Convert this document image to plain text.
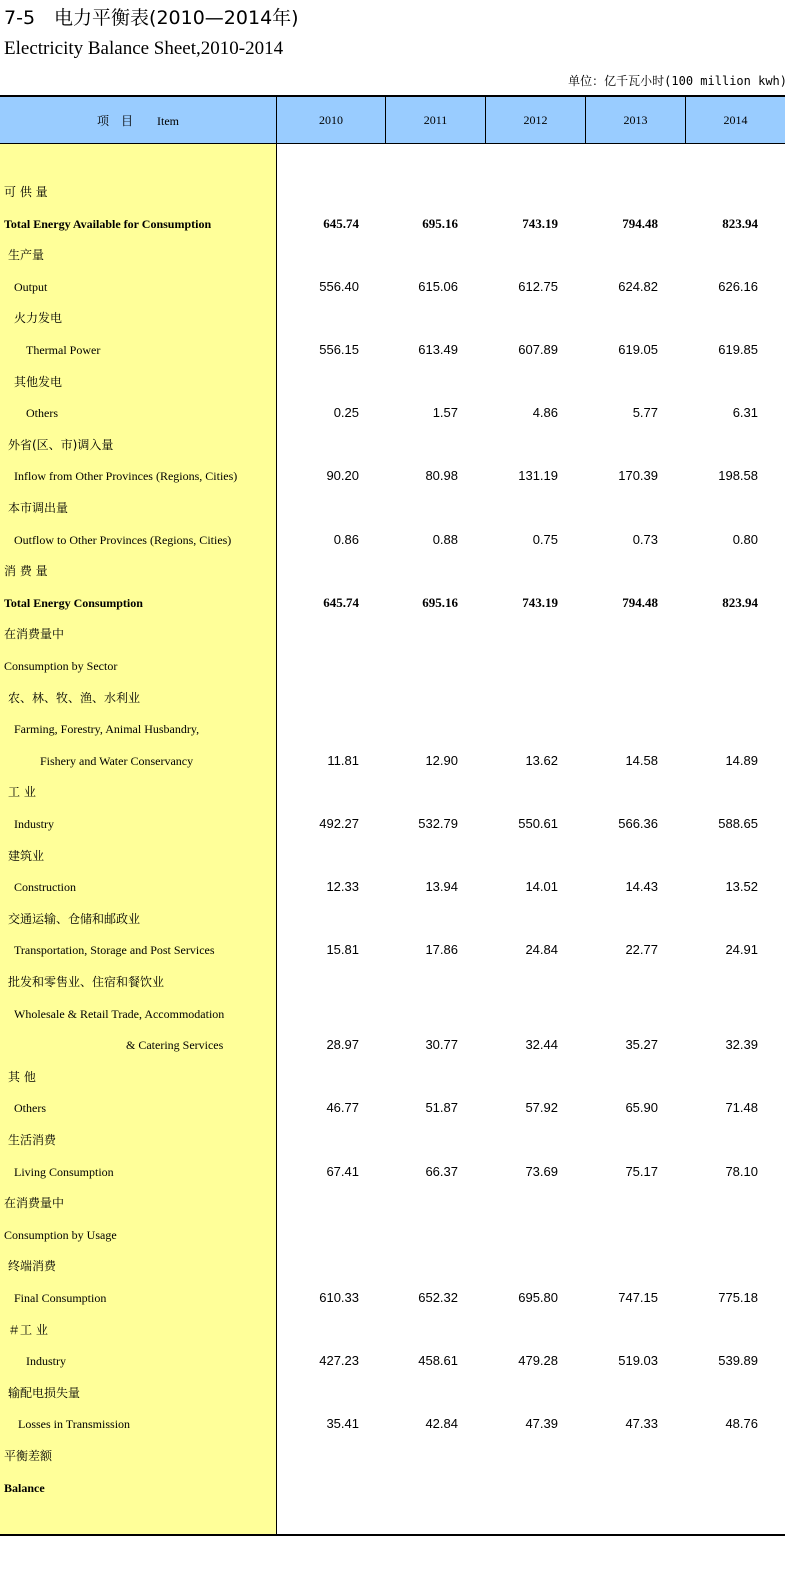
7-5　电力平衡表(2010—2014年)
Electricity Balance Sheet,2010-2014
单位：亿千瓦小时(100 million kwh)
项　目　　Item	2010	2011	2012	2013	2014
可 供 量
Total Energy Available for Consumption	645.74	695.16	743.19	794.48	823.94
生产量
Output	556.40	615.06	612.75	624.82	626.16
火力发电
Thermal Power	556.15	613.49	607.89	619.05	619.85
其他发电
Others	0.25	1.57	4.86	5.77	6.31
外省(区、市)调入量
Inflow from Other Provinces (Regions, Cities)	90.20	80.98	131.19	170.39	198.58
本市调出量
Outflow to Other Provinces (Regions, Cities)	0.86	0.88	0.75	0.73	0.80
消 费 量
Total Energy Consumption	645.74	695.16	743.19	794.48	823.94
在消费量中
Consumption by Sector
农、林、牧、渔、水利业
Farming, Forestry, Animal Husbandry,
Fishery and Water Conservancy	11.81	12.90	13.62	14.58	14.89
工 业
Industry	492.27	532.79	550.61	566.36	588.65
建筑业
Construction	12.33	13.94	14.01	14.43	13.52
交通运输、仓储和邮政业
Transportation, Storage and Post Services	15.81	17.86	24.84	22.77	24.91
批发和零售业、住宿和餐饮业
Wholesale & Retail Trade, Accommodation
& Catering Services	28.97	30.77	32.44	35.27	32.39
其 他
Others	46.77	51.87	57.92	65.90	71.48
生活消费
Living Consumption	67.41	66.37	73.69	75.17	78.10
在消费量中
Consumption by Usage
终端消费
Final Consumption	610.33	652.32	695.80	747.15	775.18
＃工 业
Industry	427.23	458.61	479.28	519.03	539.89
输配电损失量
Losses in Transmission	35.41	42.84	47.39	47.33	48.76
平衡差额
Balance
